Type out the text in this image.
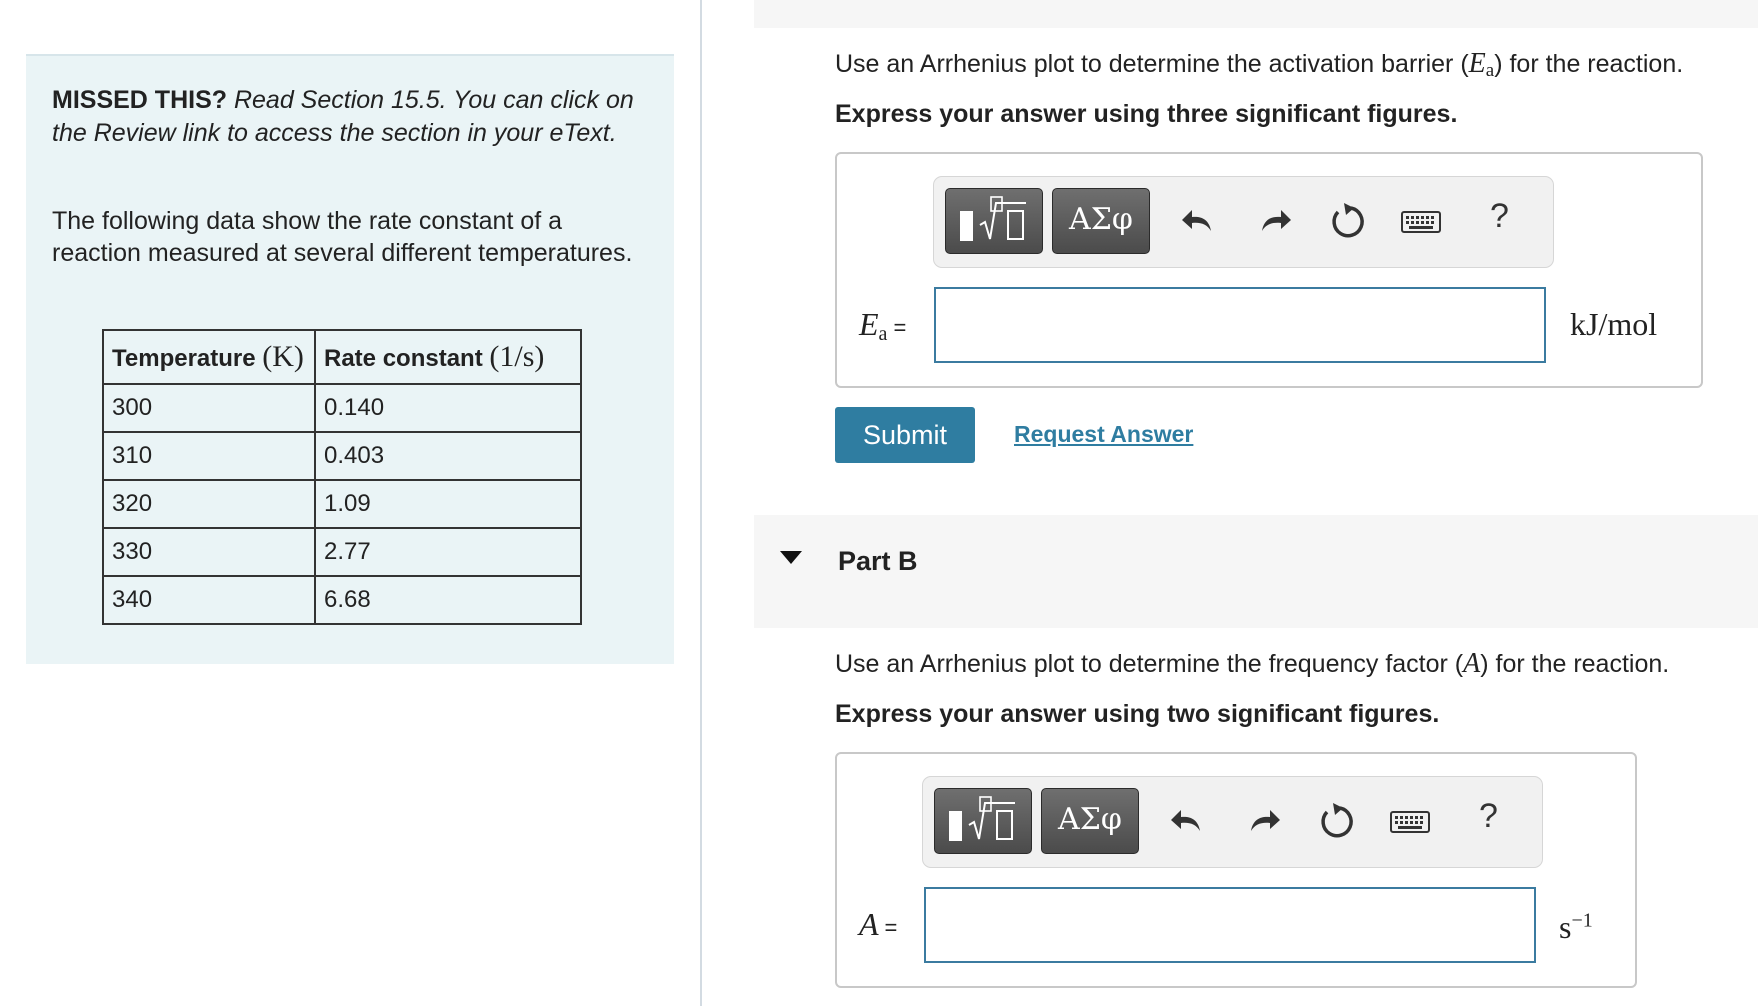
MISSED THIS? Read Section 15.5. You can click on the Review link to access the section in your eText.
The following data show the rate constant of a reaction measured at several different temperatures.
Temperature (K)	Rate constant (1/s)
300	0.140
310	0.403
320	1.09
330	2.77
340	6.68
Use an Arrhenius plot to determine the activation barrier $(E_a)$ for the reaction.
Express your answer using three significant figures.
ΑΣφ	?
$E_a$ =	kJ/mol
Submit	Request Answer
Part B
Use an Arrhenius plot to determine the frequency factor (A) for the reaction.
Express your answer using two significant figures.
ΑΣφ	?
A =	$s^{-1}$
